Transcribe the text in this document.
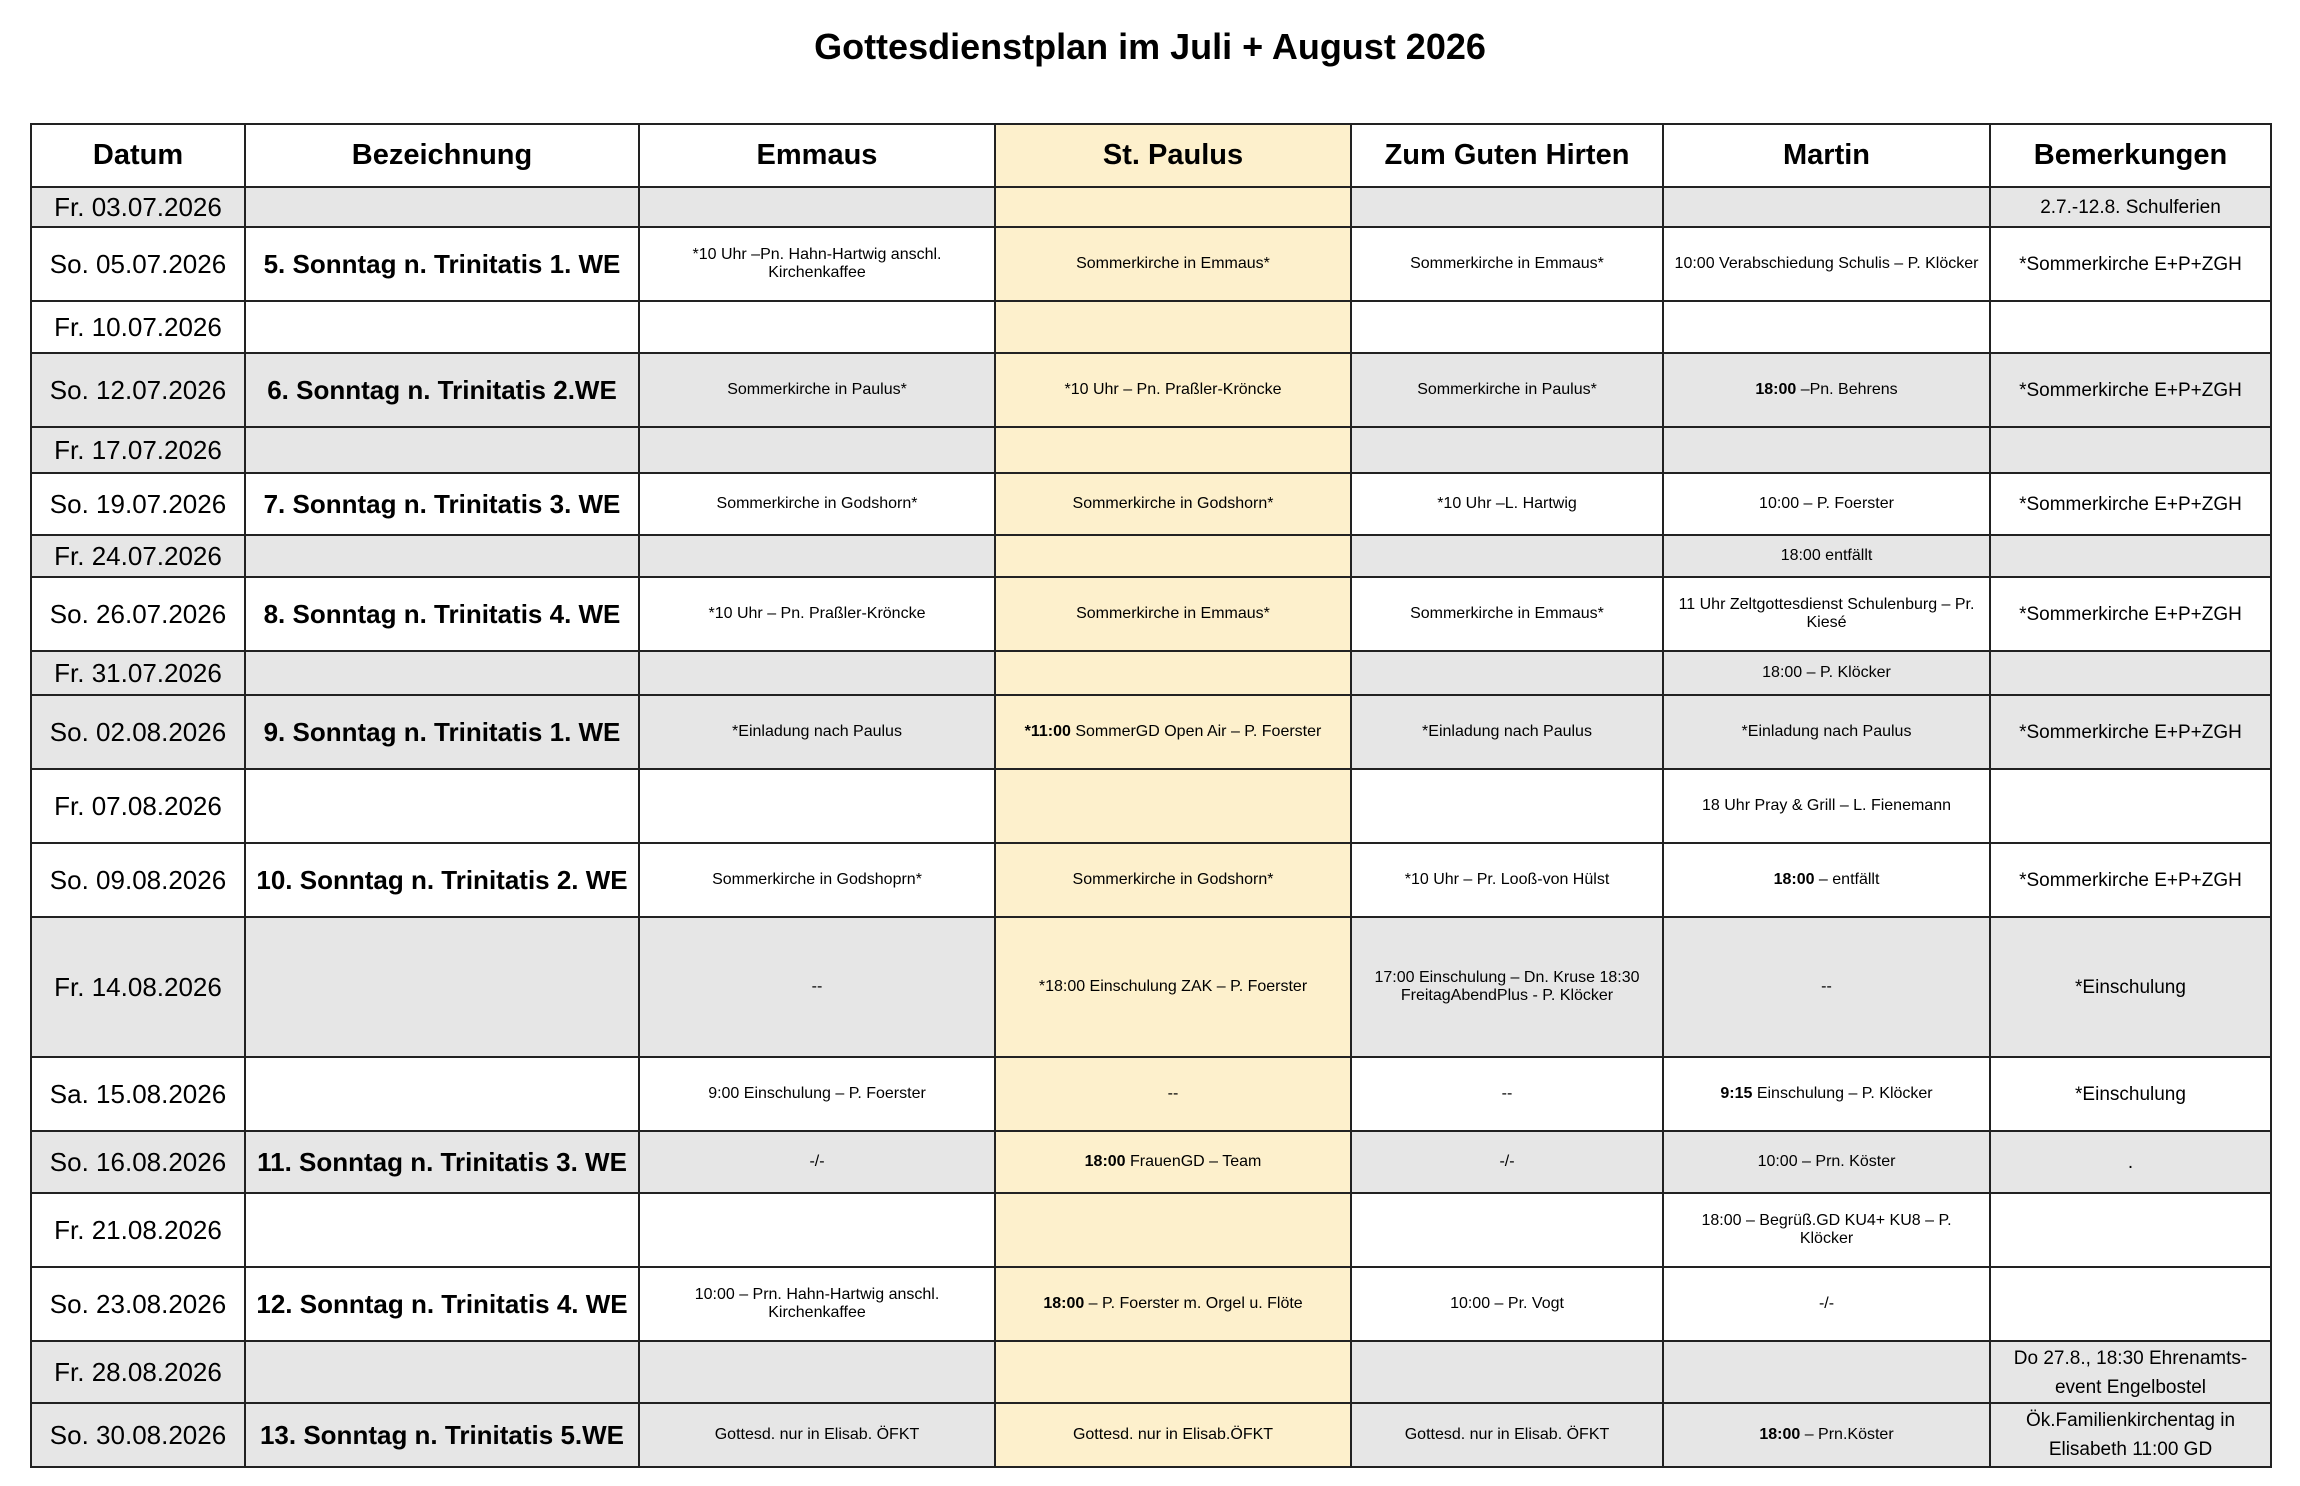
Gottesdienstplan im Juli + August 2026
Datum	Bezeichnung	Emmaus	St. Paulus	Zum Guten Hirten	Martin	Bemerkungen
Fr. 03.07.2026						2.7.-12.8. Schulferien
So. 05.07.2026	5. Sonntag n. Trinitatis 1. WE	*10 Uhr –Pn. Hahn-Hartwig anschl. Kirchenkaffee	Sommerkirche in Emmaus*	Sommerkirche in Emmaus*	10:00 Verabschiedung Schulis – P. Klöcker	*Sommerkirche E+P+ZGH
Fr. 10.07.2026						
So. 12.07.2026	6. Sonntag n. Trinitatis 2.WE	Sommerkirche in Paulus*	*10 Uhr – Pn. Praßler-Kröncke	Sommerkirche in Paulus*	18:00 –Pn. Behrens	*Sommerkirche E+P+ZGH
Fr. 17.07.2026						
So. 19.07.2026	7. Sonntag n. Trinitatis 3. WE	Sommerkirche in Godshorn*	Sommerkirche in Godshorn*	*10 Uhr –L. Hartwig	10:00 – P. Foerster	*Sommerkirche E+P+ZGH
Fr. 24.07.2026					18:00 entfällt	
So. 26.07.2026	8. Sonntag n. Trinitatis 4. WE	*10 Uhr – Pn. Praßler-Kröncke	Sommerkirche in Emmaus*	Sommerkirche in Emmaus*	11 Uhr Zeltgottesdienst Schulenburg – Pr. Kiesé	*Sommerkirche E+P+ZGH
Fr. 31.07.2026					18:00 – P. Klöcker	
So. 02.08.2026	9. Sonntag n. Trinitatis 1. WE	*Einladung nach Paulus	*11:00 SommerGD Open Air – P. Foerster	*Einladung nach Paulus	*Einladung nach Paulus	*Sommerkirche E+P+ZGH
Fr. 07.08.2026					18 Uhr Pray & Grill – L. Fienemann	
So. 09.08.2026	10. Sonntag n. Trinitatis 2. WE	Sommerkirche in Godshoprn*	Sommerkirche in Godshorn*	*10 Uhr – Pr. Looß-von Hülst	18:00 – entfällt	*Sommerkirche E+P+ZGH
Fr. 14.08.2026		--	*18:00 Einschulung ZAK – P. Foerster	17:00 Einschulung – Dn. Kruse 18:30 FreitagAbendPlus - P. Klöcker	--	*Einschulung
Sa. 15.08.2026		9:00 Einschulung – P. Foerster	--	--	9:15 Einschulung – P. Klöcker	*Einschulung
So. 16.08.2026	11. Sonntag n. Trinitatis 3. WE	-/-	18:00 FrauenGD – Team	-/-	10:00 – Prn. Köster	.
Fr. 21.08.2026					18:00 – Begrüß.GD KU4+ KU8 – P. Klöcker	
So. 23.08.2026	12. Sonntag n. Trinitatis 4. WE	10:00 – Prn. Hahn-Hartwig anschl. Kirchenkaffee	18:00 – P. Foerster m. Orgel u. Flöte	10:00 – Pr. Vogt	-/-	
Fr. 28.08.2026						Do 27.8., 18:30 Ehrenamts-event Engelbostel
So. 30.08.2026	13. Sonntag n. Trinitatis 5.WE	Gottesd. nur in Elisab. ÖFKT	Gottesd. nur in Elisab.ÖFKT	Gottesd. nur in Elisab. ÖFKT	18:00 – Prn.Köster	Ök.Familienkirchentag in Elisabeth 11:00 GD
